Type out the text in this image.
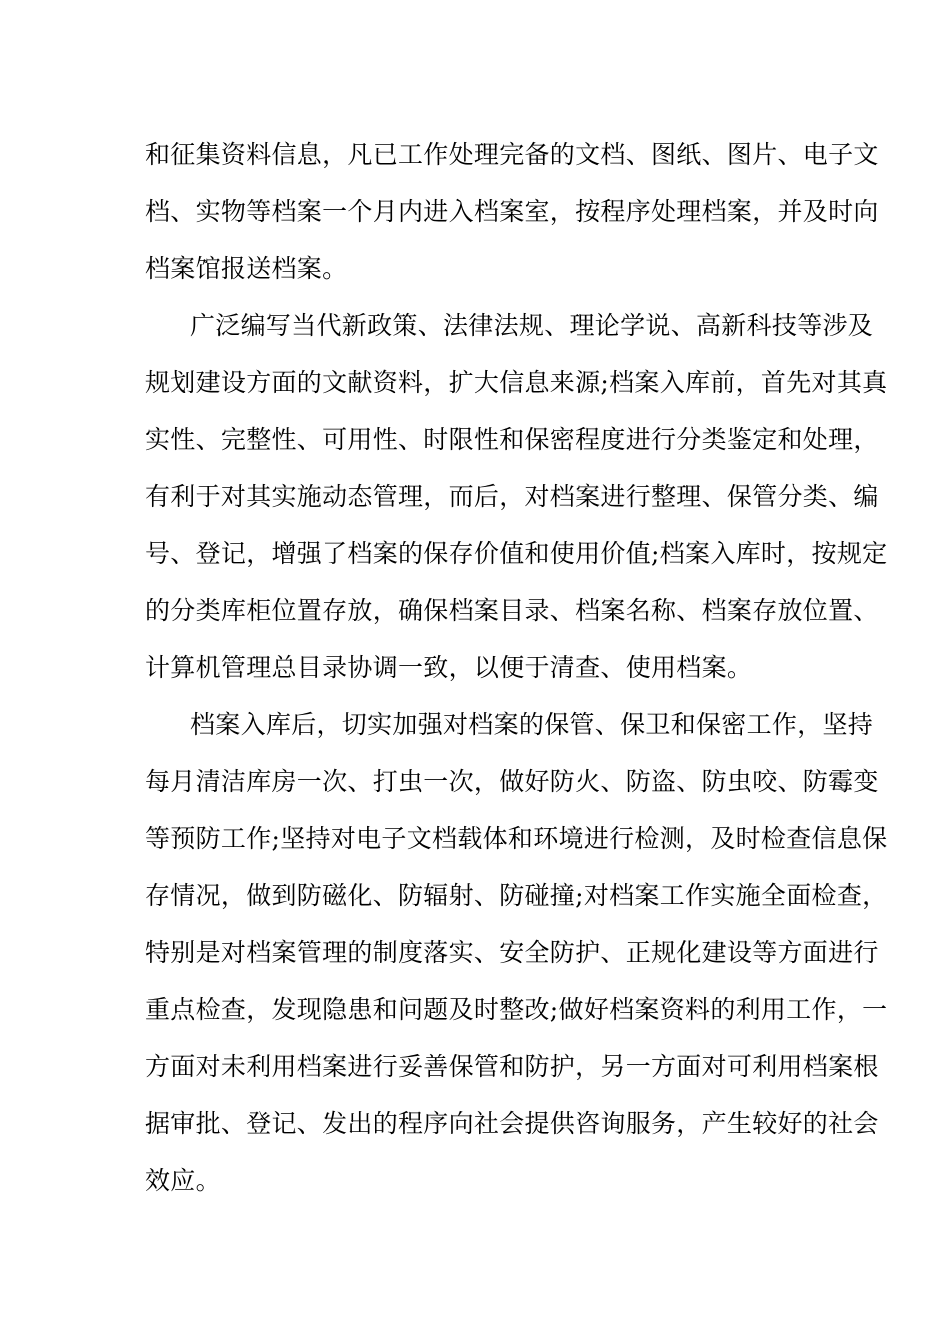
和征集资料信息，凡已工作处理完备的文档、图纸、图片、电子文
档、实物等档案一个月内进入档案室，按程序处理档案，并及时向
档案馆报送档案。
广泛编写当代新政策、法律法规、理论学说、高新科技等涉及
规划建设方面的文献资料，扩大信息来源;档案入库前，首先对其真
实性、完整性、可用性、时限性和保密程度进行分类鉴定和处理，
有利于对其实施动态管理，而后，对档案进行整理、保管分类、编
号、登记，增强了档案的保存价值和使用价值;档案入库时，按规定
的分类库柜位置存放，确保档案目录、档案名称、档案存放位置、
计算机管理总目录协调一致，以便于清查、使用档案。
档案入库后，切实加强对档案的保管、保卫和保密工作，坚持
每月清洁库房一次、打虫一次，做好防火、防盗、防虫咬、防霉变
等预防工作;坚持对电子文档载体和环境进行检测，及时检查信息保
存情况，做到防磁化、防辐射、防碰撞;对档案工作实施全面检查，
特别是对档案管理的制度落实、安全防护、正规化建设等方面进行
重点检查，发现隐患和问题及时整改;做好档案资料的利用工作，一
方面对未利用档案进行妥善保管和防护，另一方面对可利用档案根
据审批、登记、发出的程序向社会提供咨询服务，产生较好的社会
效应。
